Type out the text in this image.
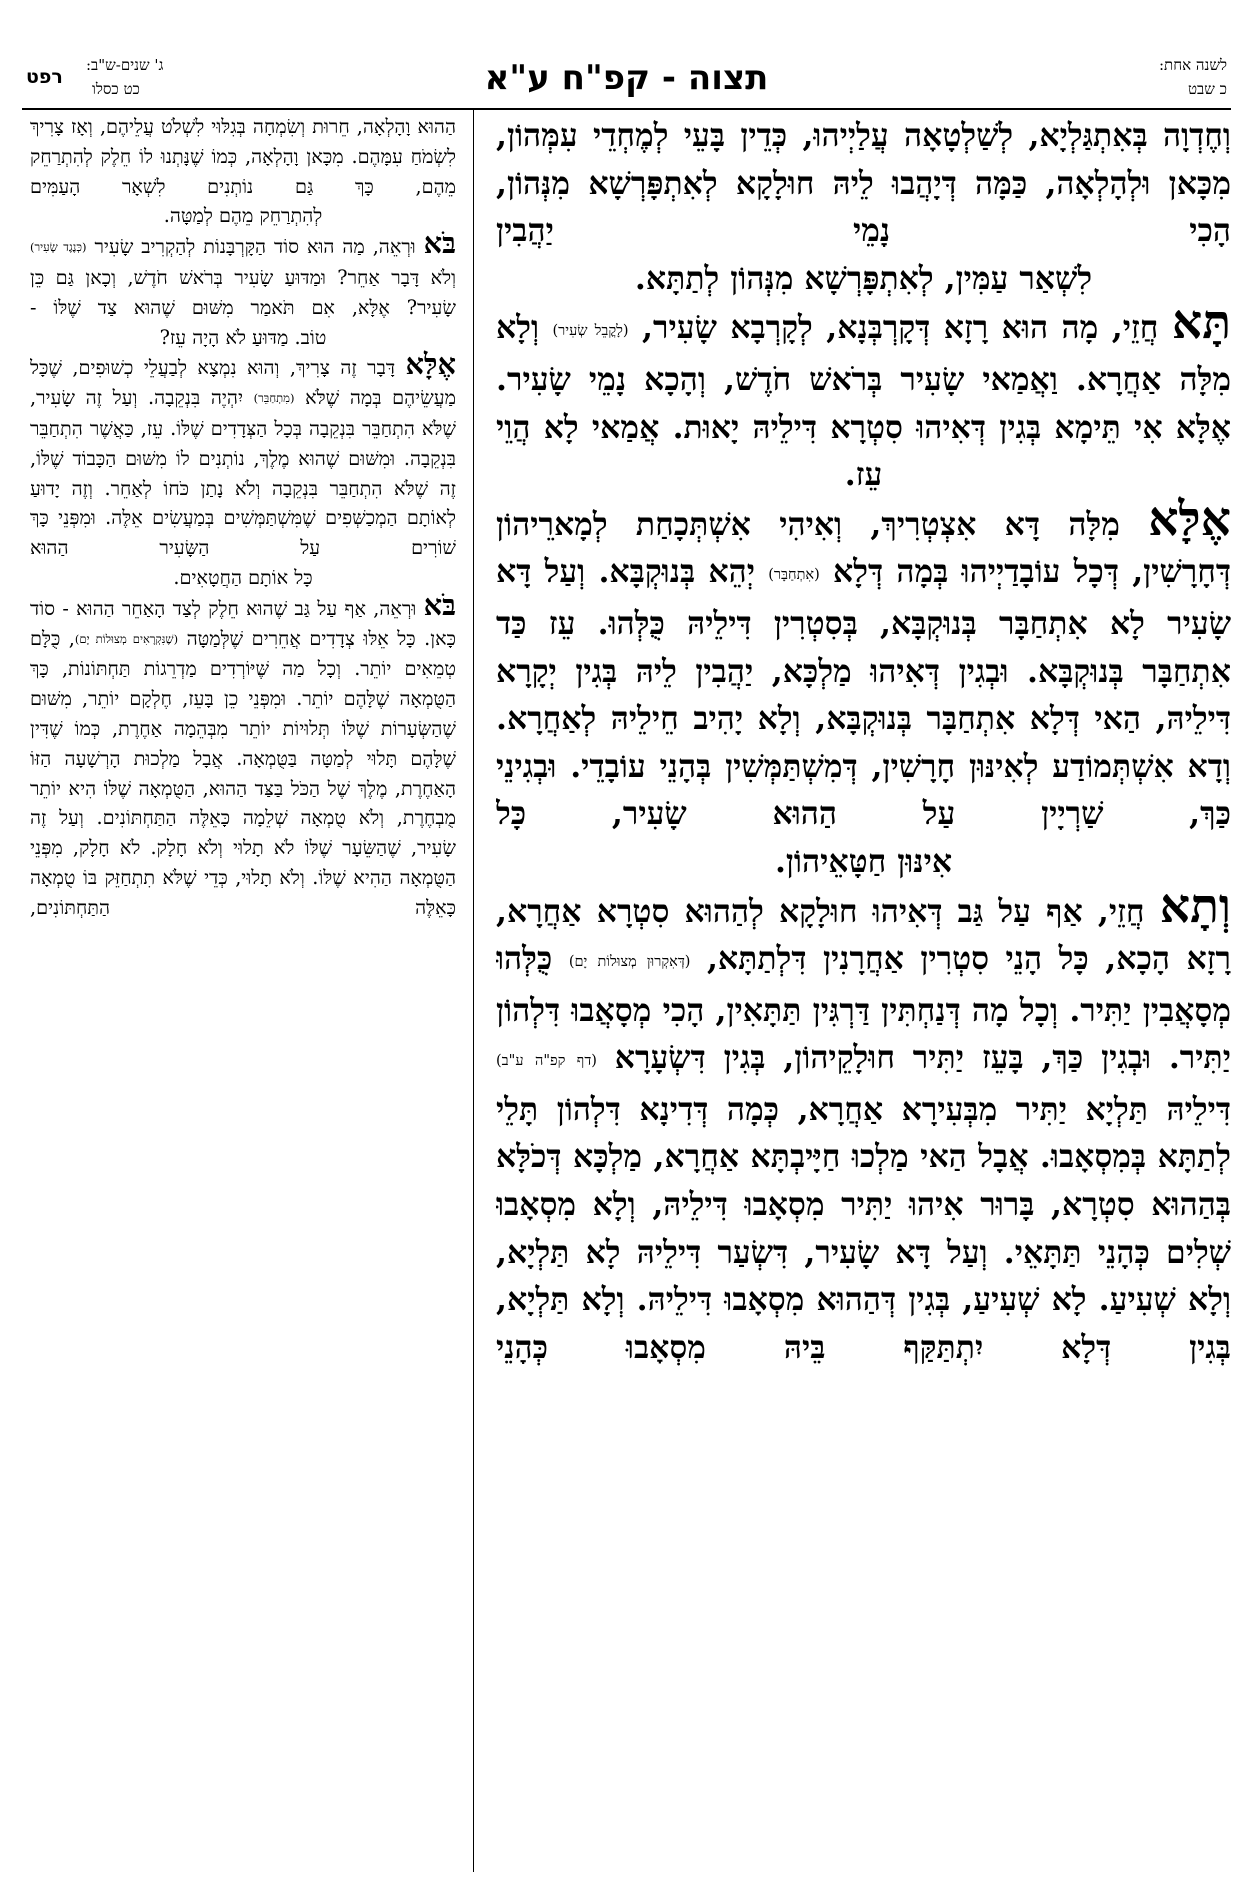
לשנה אחת:
כ שבט
תצוה - קפ"ח ע"א
ג' שנים-ש"ב:
כט כסלו
רפט
וְחֶדְוָה בְּאִתְגַּלְיָא, לְשַׁלְטָאָה עֲלַיְיהוּ, כְּדֵין בָּעֵי לְמֶחְדֵי עִמְּהוֹן, מִכָּאן וּלְהָלְאָה, כַּמָּה דְּיָהֲבוּ לֵיהּ חוּלָקָא לְאִתְפָּרְשָׁא מִנְּהוֹן, הָכִי נָמֵי יַהֲבִין
לִשְׁאַר עַמִּין, לְאִתְפָּרְשָׁא מִנְּהוֹן לְתַתָּא.
תָּא חֲזֵי, מָה הוּא רָזָא דְּקָרְבְּנָא, לְקָרְבָא שָׂעִיר, (לָקֳבֵל שְׂעִיר) וְלָא מִלָּה אַחֲרָא. וַאֲמַאי שָׂעִיר בְּרֹאשׁ חֹדֶשׁ, וְהָכָא נָמֵי שָׂעִיר. אֶלָּא אִי תֵּימָא בְּגִין דְּאִיהוּ סִטְרָא דִּילֵיהּ יָאוּת. אֲמַאי לָא הֲוֵי
עֵז.
אֶלָּא מִלָּה דָּא אִצְטְרִיךְ, וְאִיהִי אִשְׁתְּכָחַת לְמָארֵיהוֹן דְּחָרָשִׁין, דְּכָל עוֹבָדַיְיהוּ בְּמָה דְּלָא (אִתְחַבָּר) יְהֵא בְּנוּקְבָּא. וְעַל דָּא שָׂעִיר לָא אִתְחַבָּר בְּנוּקְבָּא, בְּסִטְרִין דִּילֵיהּ כֻּלְּהוּ. עֵז כַּד אִתְחַבָּר בְּנוּקְבָּא. וּבְגִין דְּאִיהוּ מַלְכָּא, יַהֲבִין לֵיהּ בְּגִין יְקָרָא דִּילֵיהּ, הַאי דְּלָא אִתְחַבָּר בְּנוּקְבָּא, וְלָא יָהִיב חֵילֵיהּ לְאַחֲרָא. וְדָא אִשְׁתְּמוֹדַע לְאִינּוּן חָרָשִׁין, דְּמִשְׁתַּמְּשִׁין בְּהָנֵי עוֹבָדֵי. וּבְגִינֵי כַּךְ, שַׁרְיָין עַל הַהוּא שָׂעִיר, כָּל
אִינּוּן חַטָּאֵיהוֹן.
וְתָא חֲזֵי, אַף עַל גַּב דְּאִיהוּ חוּלָקָא לְהַהוּא סִטְרָא אַחֲרָא, רָזָא הָכָא, כָּל הָנֵי סִטְרִין אַחֲרָנִין דִּלְתַתָּא, (דְּאִקְרוּן מְצוּלוֹת יָם) כֻּלְּהוּ מְסָאֲבִין יַתִּיר. וְכָל מָה דְּנַחְתִּין דַּרְגִּין תַּתָּאִין, הָכִי מְסָאֲבוּ דִּלְהוֹן יַתִּיר. וּבְגִין כַּךְ, בָּעֵז יַתִּיר חוּלָקֵיהוֹן, בְּגִין דִּשְׂעָרָא (דף קפ"ה ע"ב) דִּילֵיהּ תַּלְיָא יַתִּיר מִבְּעִירָא אַחֲרָא, כְּמָה דְּדִינָא דִּלְהוֹן תָּלֵי לְתַתָּא בְּמִסְאָבוּ. אֲבָל הַאי מַלְכוּ חַיָּיבְתָּא אַחֲרָא, מַלְכָּא דְּכֹלָּא בְּהַהוּא סִטְרָא, בָּרוּר אִיהוּ יַתִּיר מִסְאָבוּ דִּילֵיהּ, וְלָא מִסְאָבוּ שְׁלִים כְּהָנֵי תַּתָּאֵי. וְעַל דָּא שָׂעִיר, דִּשְׂעַר דִּילֵיהּ לָא תַּלְיָא, וְלָא שְׁעִיעַ. לָא שְׁעִיעַ, בְּגִין דְּהַהוּא מִסְאָבוּ דִּילֵיהּ. וְלָא תַּלְיָא, בְּגִין דְּלָא יִתְתַּקַּף בֵּיהּ מִסְאָבוּ כְּהָנֵי
הַהוּא וָהָלְאָה, חֵרוּת וְשִׂמְחָה בְּגִלּוּי לִשְׁלֹט עֲלֵיהֶם, וְאָז צָרִיךְ לִשְׂמֹחַ עִמָּהֶם. מִכָּאן וָהָלְאָה, כְּמוֹ שֶׁנָּתְנוּ לוֹ חֵלֶק לְהִתְרַחֵק מֵהֶם, כָּךְ גַּם נוֹתְנִים לִשְׁאָר הָעַמִּים
לְהִתְרַחֵק מֵהֶם לְמַטָּה.
בֹּא וּרְאֵה, מַה הוּא סוֹד הַקָּרְבָּנוֹת לְהַקְרִיב שָׂעִיר (כְּנֶגֶד שָׂעִיר) וְלֹא דָּבָר אַחֵר? וּמַדּוּעַ שָׂעִיר בְּרֹאשׁ חֹדֶשׁ, וְכָאן גַּם כֵּן שָׂעִיר? אֶלָּא, אִם תֹּאמַר מִשּׁוּם שֶׁהוּא צַד שֶׁלּוֹ -
טוֹב. מַדּוּעַ לֹא הָיָה עֵז?
אֶלָּא דָּבָר זֶה צָרִיךְ, וְהוּא נִמְצָא לְבַעֲלֵי כְשׁוּפִים, שֶׁכָּל מַעֲשֵׂיהֶם בְּמָה שֶׁלֹּא (מִתְחַבֵּר) יִהְיֶה בִּנְקֵבָה. וְעַל זֶה שָׂעִיר, שֶׁלֹּא הִתְחַבֵּר בִּנְקֵבָה בְּכָל הַצְּדָדִים שֶׁלּוֹ. עֵז, כַּאֲשֶׁר הִתְחַבֵּר בִּנְקֵבָה. וּמִשּׁוּם שֶׁהוּא מֶלֶךְ, נוֹתְנִים לוֹ מִשּׁוּם הַכָּבוֹד שֶׁלּוֹ, זֶה שֶׁלֹּא הִתְחַבֵּר בִּנְקֵבָה וְלֹא נָתַן כֹּחוֹ לְאַחֵר. וְזֶה יָדוּעַ לְאוֹתָם הַמְכַשְּׁפִים שֶׁמִּשְׁתַּמְּשִׁים בְּמַעֲשִׂים אֵלֶּה. וּמִפְּנֵי כָּךְ שׁוֹרִים עַל הַשָּׂעִיר הַהוּא
כָּל אוֹתָם הַחֲטָאִים.
בֹּא וּרְאֵה, אַף עַל גַּב שֶׁהוּא חֵלֶק לְצַד הָאַחֵר הַהוּא - סוֹד כָּאן. כָּל אֵלּוּ צְדָדִים אֲחֵרִים שֶׁלְּמַטָּה (שֶׁנִּקְרָאִים מְצוּלוֹת יָם), כֻּלָּם טְמֵאִים יוֹתֵר. וְכָל מַה שֶּׁיּוֹרְדִים מַדְרֵגוֹת תַּחְתּוֹנוֹת, כָּךְ הַטֻּמְאָה שֶׁלָּהֶם יוֹתֵר. וּמִפְּנֵי כֵן בָּעֵז, חֶלְקָם יוֹתֵר, מִשּׁוּם שֶׁהַשְּׂעָרוֹת שֶׁלּוֹ תְּלוּיוֹת יוֹתֵר מִבְּהֵמָה אַחֶרֶת, כְּמוֹ שֶׁדִּין שֶׁלָּהֶם תָּלוּי לְמַטָּה בַּטֻּמְאָה. אֲבָל מַלְכוּת הָרְשָׁעָה הַזּוֹ הָאַחֶרֶת, מֶלֶךְ שֶׁל הַכֹּל בַּצַּד הַהוּא, הַטֻּמְאָה שֶׁלּוֹ הִיא יוֹתֵר מֻבְחֶרֶת, וְלֹא טֻמְאָה שְׁלֵמָה כָּאֵלֶּה הַתַּחְתּוֹנִים. וְעַל זֶה שָׂעִיר, שֶׁהַשֵּׂעָר שֶׁלּוֹ לֹא תָלוּי וְלֹא חָלָק. לֹא חָלָק, מִפְּנֵי הַטֻּמְאָה הַהִיא שֶׁלּוֹ. וְלֹא תָלוּי, כְּדֵי שֶׁלֹּא תִתְחַזֵּק בּוֹ טֻמְאָה כָּאֵלֶּה הַתַּחְתּוֹנִים,
